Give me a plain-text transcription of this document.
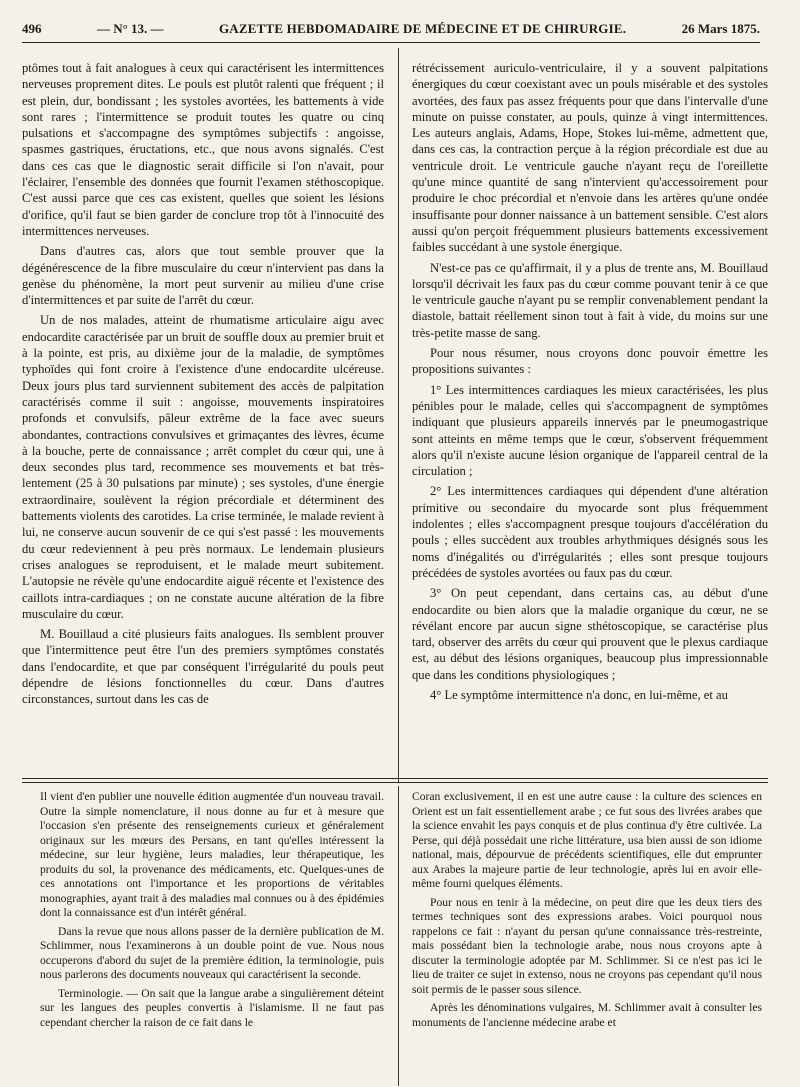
496	— N° 13. —	GAZETTE HEBDOMADAIRE DE MÉDECINE ET DE CHIRURGIE.	26 Mars 1875.

ptômes tout à fait analogues à ceux qui caractérisent les intermittences nerveuses proprement dites. Le pouls est plutôt ralenti que fréquent ; il est plein, dur, bondissant ; les systoles avortées, les battements à vide sont rares ; l'intermittence se produit toutes les quatre ou cinq pulsations et s'accompagne des symptômes subjectifs : angoisse, spasmes gastriques, éructations, etc., que nous avons signalés. C'est dans ces cas que le diagnostic serait difficile si l'on n'avait, pour l'éclairer, l'ensemble des données que fournit l'examen stéthoscopique. C'est aussi parce que ces cas existent, quelles que soient les lésions d'orifice, qu'il faut se bien garder de conclure trop tôt à l'innocuité des intermittences nerveuses.

Dans d'autres cas, alors que tout semble prouver que la dégénérescence de la fibre musculaire du cœur n'intervient pas dans la genèse du phénomène, la mort peut survenir au milieu d'une crise d'intermittences et par suite de l'arrêt du cœur.

Un de nos malades, atteint de rhumatisme articulaire aigu avec endocardite caractérisée par un bruit de souffle doux au premier bruit et à la pointe, est pris, au dixième jour de la maladie, de symptômes typhoïdes qui font croire à l'existence d'une endocardite ulcéreuse. Deux jours plus tard surviennent subitement des accès de palpitation caractérisés comme il suit : angoisse, mouvements inspiratoires profonds et convulsifs, pâleur extrême de la face avec sueurs abondantes, contractions convulsives et grimaçantes des lèvres, écume à la bouche, perte de connaissance ; arrêt complet du cœur qui, une à deux secondes plus tard, recommence ses mouvements et bat très-lentement (25 à 30 pulsations par minute) ; ses systoles, d'une énergie extraordinaire, soulèvent la région précordiale et déterminent des battements violents des carotides. La crise terminée, le malade revient à lui, ne conserve aucun souvenir de ce qui s'est passé : les mouvements du cœur redeviennent à peu près normaux. Le lendemain plusieurs crises analogues se reproduisent, et le malade meurt subitement. L'autopsie ne révèle qu'une endocardite aiguë récente et l'existence des caillots intra-cardiaques ; on ne constate aucune altération de la fibre musculaire du cœur.

M. Bouillaud a cité plusieurs faits analogues. Ils semblent prouver que l'intermittence peut être l'un des premiers symptômes constatés dans l'endocardite, et que par conséquent l'irrégularité du pouls peut dépendre de lésions fonctionnelles du cœur. Dans d'autres circonstances, surtout dans les cas de

rétrécissement auriculo-ventriculaire, il y a souvent palpitations énergiques du cœur coexistant avec un pouls misérable et des systoles avortées, des faux pas assez fréquents pour que dans l'intervalle d'une minute on puisse constater, au pouls, quinze à vingt intermittences. Les auteurs anglais, Adams, Hope, Stokes lui-même, admettent que, dans ces cas, la contraction perçue à la région précordiale est due au ventricule droit. Le ventricule gauche n'ayant reçu de l'oreillette qu'une mince quantité de sang n'intervient qu'accessoirement pour produire le choc précordial et n'envoie dans les artères qu'une ondée insuffisante pour donner naissance à un battement sensible. C'est alors aussi qu'on perçoit fréquemment plusieurs battements excessivement faibles succédant à une systole énergique.

N'est-ce pas ce qu'affirmait, il y a plus de trente ans, M. Bouillaud lorsqu'il décrivait les faux pas du cœur comme pouvant tenir à ce que le ventricule gauche n'ayant pu se remplir convenablement pendant la diastole, battait réellement sinon tout à fait à vide, du moins sur une très-petite masse de sang.

Pour nous résumer, nous croyons donc pouvoir émettre les propositions suivantes :

1° Les intermittences cardiaques les mieux caractérisées, les plus pénibles pour le malade, celles qui s'accompagnent de symptômes indiquant que plusieurs appareils innervés par le pneumogastrique sont atteints en même temps que le cœur, s'observent fréquemment alors qu'il n'existe aucune lésion organique de l'appareil central de la circulation ;

2° Les intermittences cardiaques qui dépendent d'une altération primitive ou secondaire du myocarde sont plus fréquemment indolentes ; elles s'accompagnent presque toujours d'accélération du pouls ; elles succèdent aux troubles arhythmiques désignés sous les noms d'inégalités ou d'irrégularités ; elles sont presque toujours précédées de systoles avortées ou faux pas du cœur.

3° On peut cependant, dans certains cas, au début d'une endocardite ou bien alors que la maladie organique du cœur, ne se révélant encore par aucun signe sthétoscopique, se caractérise plus tard, observer des arrêts du cœur qui prouvent que le plexus cardiaque est, au début des lésions organiques, beaucoup plus impressionnable que dans les conditions physiologiques ;

4° Le symptôme intermittence n'a donc, en lui-même, et au

Il vient d'en publier une nouvelle édition augmentée d'un nouveau travail. Outre la simple nomenclature, il nous donne au fur et à mesure que l'occasion s'en présente des renseignements curieux et généralement originaux sur les mœurs des Persans, en tant qu'elles intéressent la médecine, sur leur hygiène, leurs maladies, leur thérapeutique, les produits du sol, la provenance des médicaments, etc. Quelques-unes de ces annotations ont l'importance et les proportions de véritables monographies, ayant trait à des maladies mal connues ou à des épidémies dont la connaissance est d'un intérêt général.

Dans la revue que nous allons passer de la dernière publication de M. Schlimmer, nous l'examinerons à un double point de vue. Nous nous occuperons d'abord du sujet de la première édition, la terminologie, puis nous parlerons des documents nouveaux qui caractérisent la seconde.

Terminologie. — On sait que la langue arabe a singulièrement déteint sur les langues des peuples convertis à l'islamisme. Il ne faut pas cependant chercher la raison de ce fait dans le

Coran exclusivement, il en est une autre cause : la culture des sciences en Orient est un fait essentiellement arabe ; ce fut sous des livrées arabes que la science envahit les pays conquis et de plus continua d'y être cultivée. La Perse, qui déjà possédait une riche littérature, usa bien aussi de son idiome national, mais, dépourvue de précédents scientifiques, elle dut emprunter aux Arabes la majeure partie de leur technologie, après lui en avoir elle-même fourni quelques éléments.

Pour nous en tenir à la médecine, on peut dire que les deux tiers des termes techniques sont des expressions arabes. Voici pourquoi nous rappelons ce fait : n'ayant du persan qu'une connaissance très-restreinte, mais possédant bien la technologie arabe, nous nous croyons apte à discuter la terminologie adoptée par M. Schlimmer. Si ce n'est pas ici le lieu de traiter ce sujet in extenso, nous ne croyons pas cependant qu'il nous soit permis de le passer sous silence.

Après les dénominations vulgaires, M. Schlimmer avait à consulter les monuments de l'ancienne médecine arabe et
